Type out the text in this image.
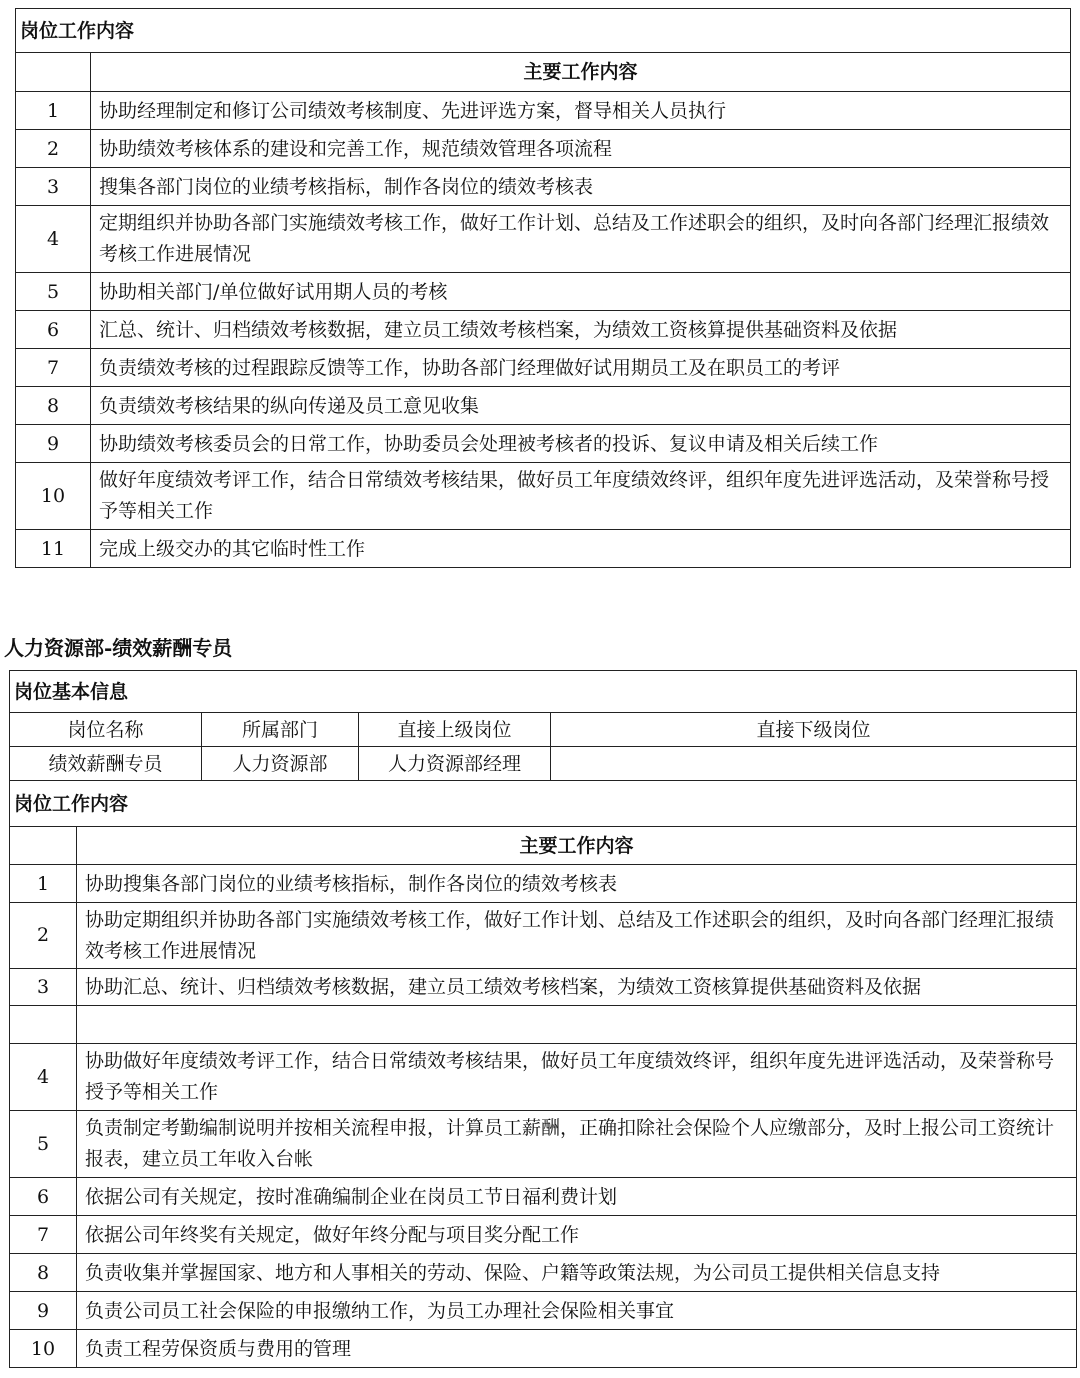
岗位工作内容	
	主要工作内容
1	协助经理制定和修订公司绩效考核制度、先进评选方案，督导相关人员执行
2	协助绩效考核体系的建设和完善工作，规范绩效管理各项流程
3	搜集各部门岗位的业绩考核指标，制作各岗位的绩效考核表
4	定期组织并协助各部门实施绩效考核工作，做好工作计划、总结及工作述职会的组织，及时向各部门经理汇报绩效考核工作进展情况
5	协助相关部门/单位做好试用期人员的考核
6	汇总、统计、归档绩效考核数据，建立员工绩效考核档案，为绩效工资核算提供基础资料及依据
7	负责绩效考核的过程跟踪反馈等工作，协助各部门经理做好试用期员工及在职员工的考评
8	负责绩效考核结果的纵向传递及员工意见收集
9	协助绩效考核委员会的日常工作，协助委员会处理被考核者的投诉、复议申请及相关后续工作
10	做好年度绩效考评工作，结合日常绩效考核结果，做好员工年度绩效终评，组织年度先进评选活动，及荣誉称号授予等相关工作
11	完成上级交办的其它临时性工作
人力资源部-绩效薪酬专员
岗位基本信息				
岗位名称		所属部门	直接上级岗位	直接下级岗位
绩效薪酬专员		人力资源部	人力资源部经理	
岗位工作内容				
	主要工作内容			
1	协助搜集各部门岗位的业绩考核指标，制作各岗位的绩效考核表			
2	协助定期组织并协助各部门实施绩效考核工作，做好工作计划、总结及工作述职会的组织，及时向各部门经理汇报绩效考核工作进展情况			
3	协助汇总、统计、归档绩效考核数据，建立员工绩效考核档案，为绩效工资核算提供基础资料及依据			

4	协助做好年度绩效考评工作，结合日常绩效考核结果，做好员工年度绩效终评，组织年度先进评选活动，及荣誉称号授予等相关工作			
5	负责制定考勤编制说明并按相关流程申报，计算员工薪酬，正确扣除社会保险个人应缴部分，及时上报公司工资统计报表，建立员工年收入台帐			
6	依据公司有关规定，按时准确编制企业在岗员工节日福利费计划			
7	依据公司年终奖有关规定，做好年终分配与项目奖分配工作			
8	负责收集并掌握国家、地方和人事相关的劳动、保险、户籍等政策法规，为公司员工提供相关信息支持			
9	负责公司员工社会保险的申报缴纳工作，为员工办理社会保险相关事宜			
10	负责工程劳保资质与费用的管理			
